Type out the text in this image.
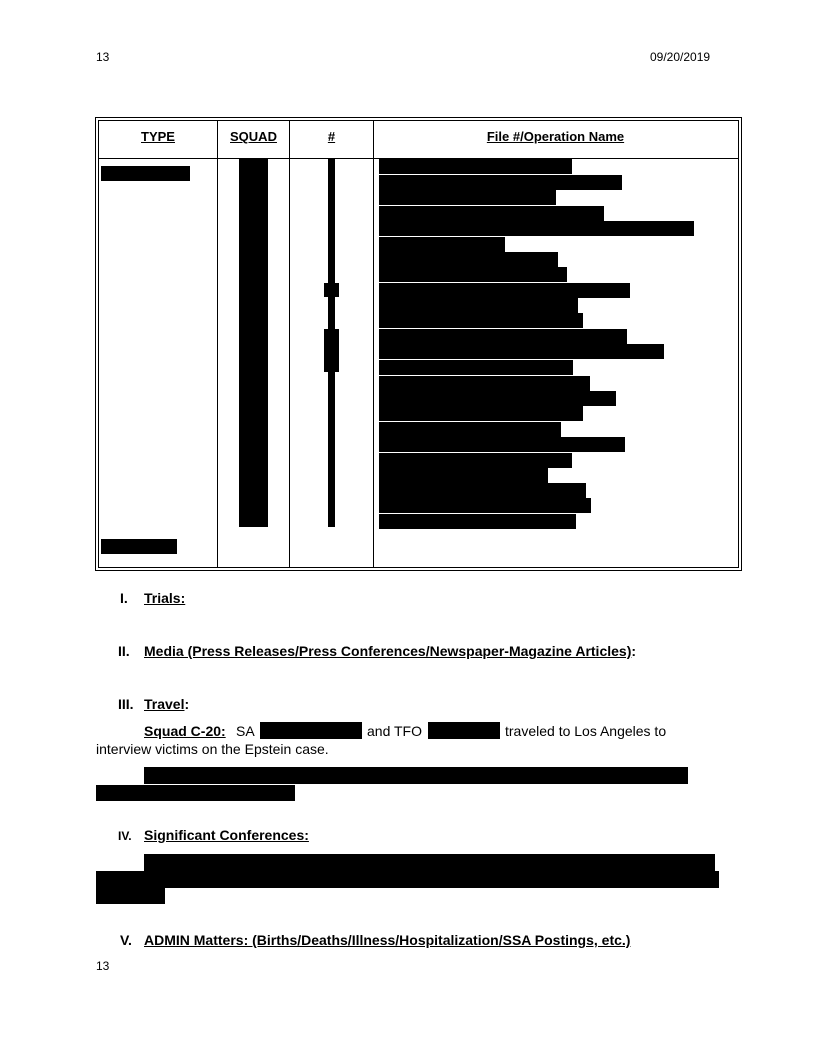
13	09/20/2019
TYPE	SQUAD	#	File #/Operation Name
I. Trials:
II. Media (Press Releases/Press Conferences/Newspaper-Magazine Articles):
III. Travel:
Squad C-20: SA	and TFO	traveled to Los Angeles to
interview victims on the Epstein case.
IV. Significant Conferences:
V. ADMIN Matters: (Births/Deaths/Illness/Hospitalization/SSA Postings, etc.)
13
